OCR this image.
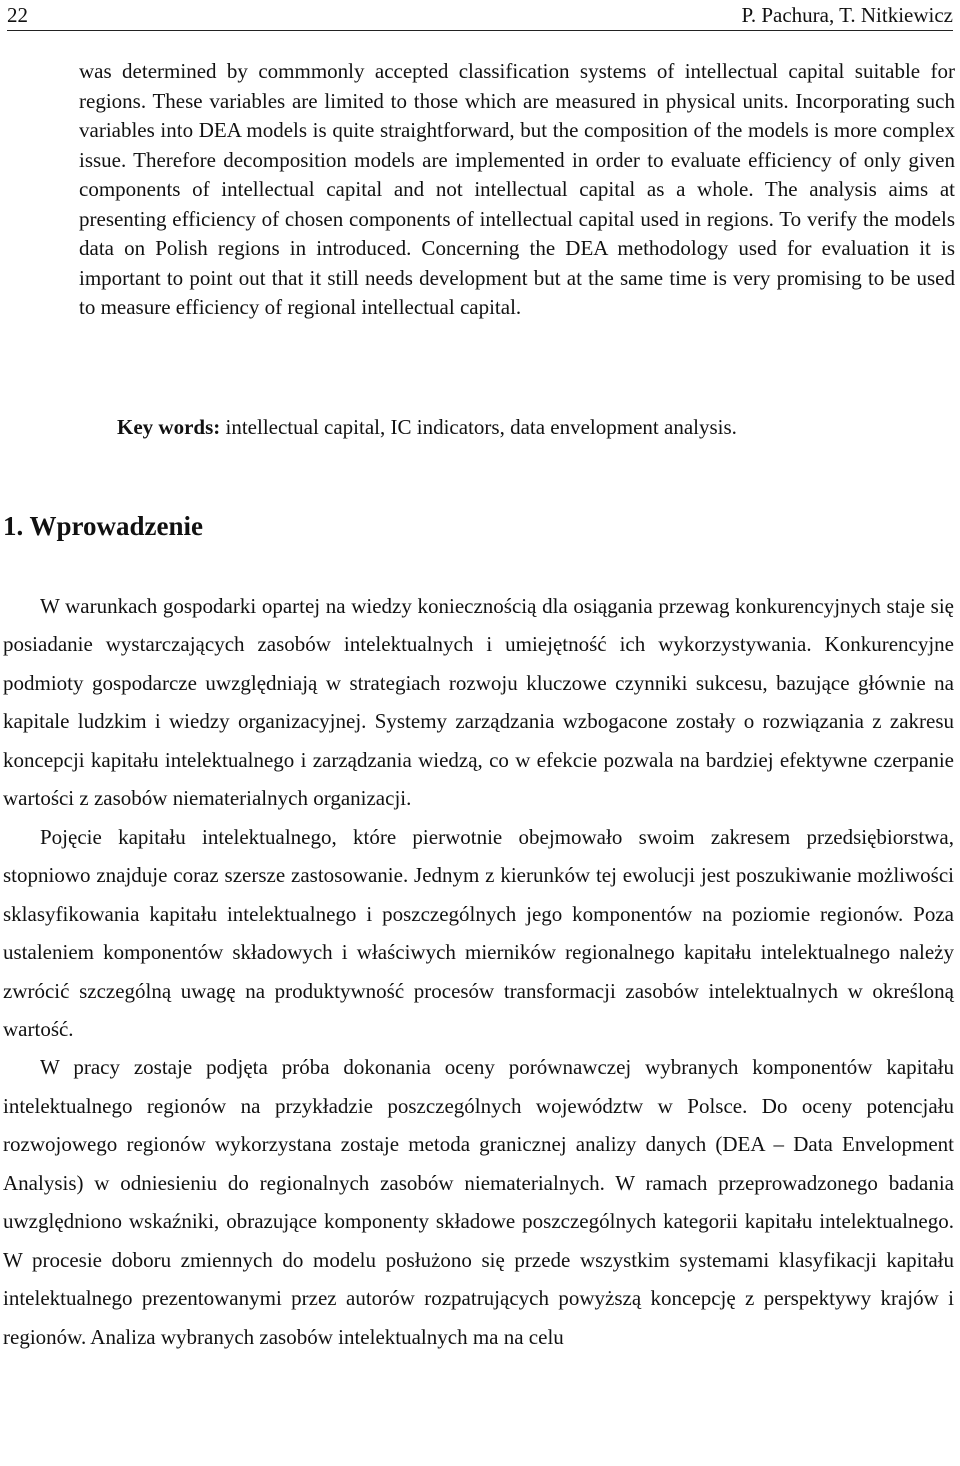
22	P. Pachura, T. Nitkiewicz

was determined by commmonly accepted classification systems of intellectual capital suitable for regions. These variables are limited to those which are measured in physical units. Incorporating such variables into DEA models is quite straightforward, but the composition of the models is more complex issue. Therefore decomposition models are implemented in order to evaluate efficiency of only given components of intellectual capital and not intellectual capital as a whole. The analysis aims at presenting efficiency of chosen components of intellectual capital used in regions. To verify the models data on Polish regions in introduced. Concerning the DEA methodology used for evaluation it is important to point out that it still needs development but at the same time is very promising to be used to measure efficiency of regional intellectual capital.

Key words: intellectual capital, IC indicators, data envelopment analysis.

1. Wprowadzenie

W warunkach gospodarki opartej na wiedzy koniecznością dla osiągania przewag konkurencyjnych staje się posiadanie wystarczających zasobów intelektualnych i umiejętność ich wykorzystywania. Konkurencyjne podmioty gospodarcze uwzględniają w strategiach rozwoju kluczowe czynniki sukcesu, bazujące głównie na kapitale ludzkim i wiedzy organizacyjnej. Systemy zarządzania wzbogacone zostały o rozwiązania z zakresu koncepcji kapitału intelektualnego i zarządzania wiedzą, co w efekcie pozwala na bardziej efektywne czerpanie wartości z zasobów niematerialnych organizacji.

Pojęcie kapitału intelektualnego, które pierwotnie obejmowało swoim zakresem przedsiębiorstwa, stopniowo znajduje coraz szersze zastosowanie. Jednym z kierunków tej ewolucji jest poszukiwanie możliwości sklasyfikowania kapitału intelektualnego i poszczególnych jego komponentów na poziomie regionów. Poza ustaleniem komponentów składowych i właściwych mierników regionalnego kapitału intelektualnego należy zwrócić szczególną uwagę na produktywność procesów transformacji zasobów intelektualnych w określoną wartość.

W pracy zostaje podjęta próba dokonania oceny porównawczej wybranych komponentów kapitału intelektualnego regionów na przykładzie poszczególnych województw w Polsce. Do oceny potencjału rozwojowego regionów wykorzystana zostaje metoda granicznej analizy danych (DEA – Data Envelopment Analysis) w odniesieniu do regionalnych zasobów niematerialnych. W ramach przeprowadzonego badania uwzględniono wskaźniki, obrazujące komponenty składowe poszczególnych kategorii kapitału intelektualnego. W procesie doboru zmiennych do modelu posłużono się przede wszystkim systemami klasyfikacji kapitału intelektualnego prezentowanymi przez autorów rozpatrujących powyższą koncepcję z perspektywy krajów i regionów. Analiza wybranych zasobów intelektualnych ma na celu
